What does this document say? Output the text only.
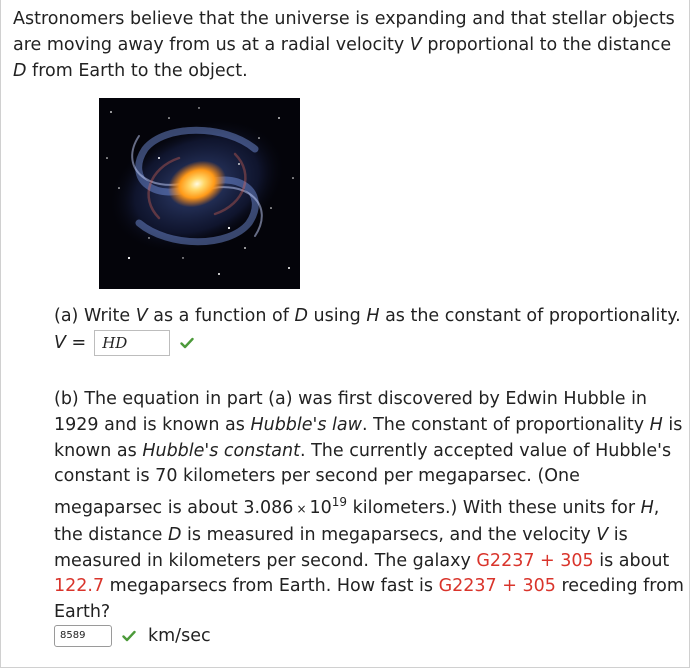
Astronomers believe that the universe is expanding and that stellar objects are moving away from us at a radial velocity V proportional to the distance D from Earth to the object.
(a) Write V as a function of D using H as the constant of proportionality.
V =	HD
(b) The equation in part (a) was first discovered by Edwin Hubble in 1929 and is known as Hubble's law. The constant of proportionality H is known as Hubble's constant. The currently accepted value of Hubble's constant is 70 kilometers per second per megaparsec. (One megaparsec is about $3.086 \times 10^{19}$ kilometers.) With these units for H, the distance D is measured in megaparsecs, and the velocity V is measured in kilometers per second. The galaxy G2237 + 305 is about 122.7 megaparsecs from Earth. How fast is G2237 + 305 receding from Earth?
8589	km/sec
